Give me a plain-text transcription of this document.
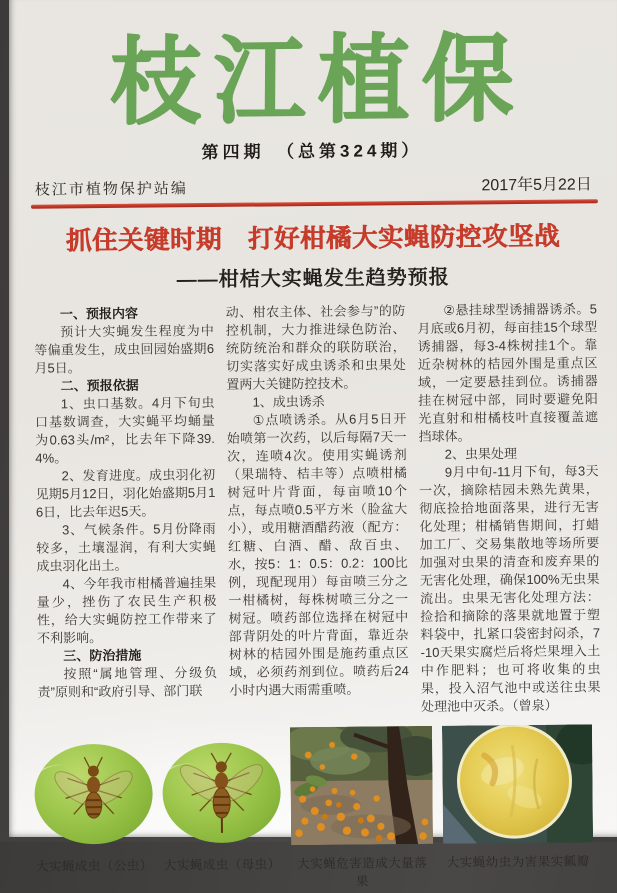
枝江植保
第四期　（总第324期）
枝江市植物保护站编	2017年5月22日
抓住关键时期　打好柑橘大实蝇防控攻坚战
——柑桔大实蝇发生趋势预报

一、预报内容

预计大实蝇发生程度为中等偏重发生，成虫回园始盛期6月5日。

二、预报依据

1、虫口基数。4月下旬虫口基数调查，大实蝇平均蛹量为0.63头/m²，比去年下降39.4%。

2、发育进度。成虫羽化初见期5月12日，羽化始盛期5月16日，比去年迟5天。

3、气候条件。5月份降雨较多，土壤湿润，有利大实蝇成虫羽化出土。

4、今年我市柑橘普遍挂果量少，挫伤了农民生产积极性，给大实蝇防控工作带来了不利影响。

三、防治措施

按照“属地管理、分级负责”原则和“政府引导、部门联

动、柑农主体、社会参与”的防控机制，大力推进绿色防治、统防统治和群众的联防联治，切实落实好成虫诱杀和虫果处置两大关键防控技术。

1、成虫诱杀

①点喷诱杀。从6月5日开始喷第一次药，以后每隔7天一次，连喷4次。使用实蝇诱剂（果瑞特、桔丰等）点喷柑橘树冠叶片背面，每亩喷10个点，每点喷0.5平方米（脸盆大小），或用糖酒醋药液（配方：红糖、白酒、醋、敌百虫、水，按5：1：0.5：0.2：100比例，现配现用）每亩喷三分之一柑橘树，每株树喷三分之一树冠。喷药部位选择在树冠中部背阴处的叶片背面，靠近杂树林的桔园外围是施药重点区域，必须药剂到位。喷药后24小时内遇大雨需重喷。

②悬挂球型诱捕器诱杀。5月底或6月初，每亩挂15个球型诱捕器，每3-4株树挂1个。靠近杂树林的桔园外围是重点区域，一定要悬挂到位。诱捕器挂在树冠中部，同时要避免阳光直射和柑橘枝叶直接覆盖遮挡球体。

2、虫果处理

9月中旬-11月下旬，每3天一次，摘除桔园未熟先黄果，彻底捡拾地面落果，进行无害化处理；柑橘销售期间，打蜡加工厂、交易集散地等场所要加强对虫果的清查和废弃果的无害化处理，确保100%无虫果流出。虫果无害化处理方法：捡拾和摘除的落果就地置于塑料袋中，扎紧口袋密封闷杀，7-10天果实腐烂后将烂果埋入土中作肥料；也可将收集的虫果，投入沼气池中或送往虫果处理池中灭杀。（曾泉）

大实蝇成虫（公虫） 大实蝇成虫（母虫）	大实蝇危害造成大量落果
大实蝇幼虫为害果实瓤瓣
